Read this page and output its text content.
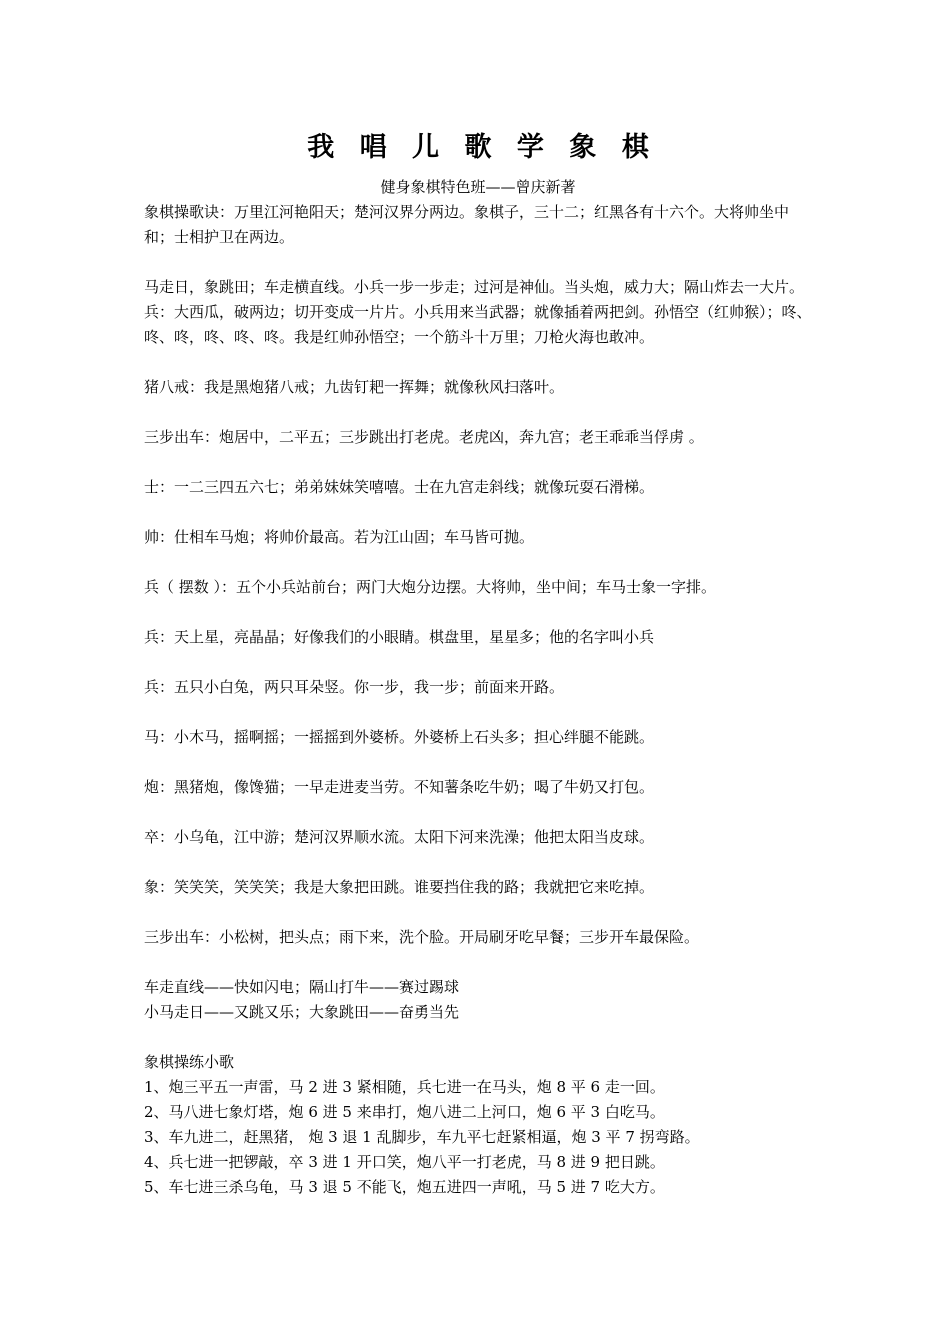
我 唱 儿 歌 学 象 棋
健身象棋特色班——曾庆新著

象棋操歌诀：万里江河艳阳天；楚河汉界分两边。象棋子，三十二；红黑各有十六个。大将帅坐中和；士相护卫在两边。

马走日，象跳田；车走横直线。小兵一步一步走；过河是神仙。当头炮，威力大；隔山炸去一大片。

兵：大西瓜，破两边；切开变成一片片。小兵用来当武器；就像插着两把剑。孙悟空（红帅猴）；咚、咚、咚，咚、咚、咚。我是红帅孙悟空；一个筋斗十万里；刀枪火海也敢冲。

猪八戒：我是黑炮猪八戒；九齿钉耙一挥舞；就像秋风扫落叶。

三步出车：炮居中，二平五；三步跳出打老虎。老虎凶，奔九宫；老王乖乖当俘虏 。

士：一二三四五六七；弟弟妹妹笑嘻嘻。士在九宫走斜线；就像玩耍石滑梯。

帅：仕相车马炮；将帅价最高。若为江山固；车马皆可抛。

兵（ 摆数 ）：五个小兵站前台；两门大炮分边摆。大将帅，坐中间；车马士象一字排。

兵：天上星，亮晶晶；好像我们的小眼睛。棋盘里，星星多；他的名字叫小兵

兵：五只小白兔，两只耳朵竖。你一步，我一步；前面来开路。

马：小木马，摇啊摇；一摇摇到外婆桥。外婆桥上石头多；担心绊腿不能跳。

炮：黑猪炮，像馋猫；一早走进麦当劳。不知薯条吃牛奶；喝了牛奶又打包。

卒：小乌龟，江中游；楚河汉界顺水流。太阳下河来洗澡；他把太阳当皮球。

象：笑笑笑，笑笑笑；我是大象把田跳。谁要挡住我的路；我就把它来吃掉。

三步出车：小松树，把头点；雨下来，洗个脸。开局刷牙吃早餐；三步开车最保险。

车走直线——快如闪电；隔山打牛——赛过踢球

小马走日——又跳又乐；大象跳田——奋勇当先

象棋操练小歌

1、炮三平五一声雷，马 2 进 3 紧相随，兵七进一在马头，炮 8 平 6 走一回。

2、马八进七象灯塔，炮 6 进 5 来串打，炮八进二上河口，炮 6 平 3 白吃马。

3、车九进二，赶黑猪， 炮 3 退 1 乱脚步，车九平七赶紧相逼，炮 3 平 7 拐弯路。

4、兵七进一把锣敲，卒 3 进 1 开口笑，炮八平一打老虎，马 8 进 9 把日跳。

5、车七进三杀乌龟，马 3 退 5 不能飞，炮五进四一声吼，马 5 进 7 吃大方。
